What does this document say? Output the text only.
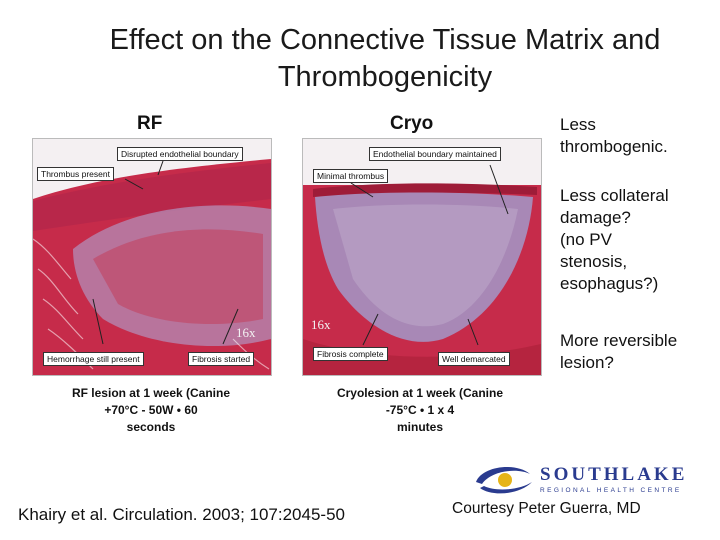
Effect on the Connective Tissue Matrix and
Thrombogenicity
RF	Cryo
Disrupted endothelial boundary
Thrombus present
Hemorrhage still present	Fibrosis started
16x
Endothelial boundary maintained
Minimal thrombus
Fibrosis complete	Well demarcated
16x
RF lesion at 1 week (Canine
+70°C - 50W • 60
seconds
Cryolesion at 1 week (Canine
-75°C • 1 x 4
minutes
Less
thrombogenic.
Less collateral
damage?
(no PV
stenosis,
esophagus?)
More reversible
lesion?
SOUTHLAKE
REGIONAL HEALTH CENTRE
Khairy et al. Circulation. 2003; 107:2045-50	Courtesy Peter Guerra, MD
